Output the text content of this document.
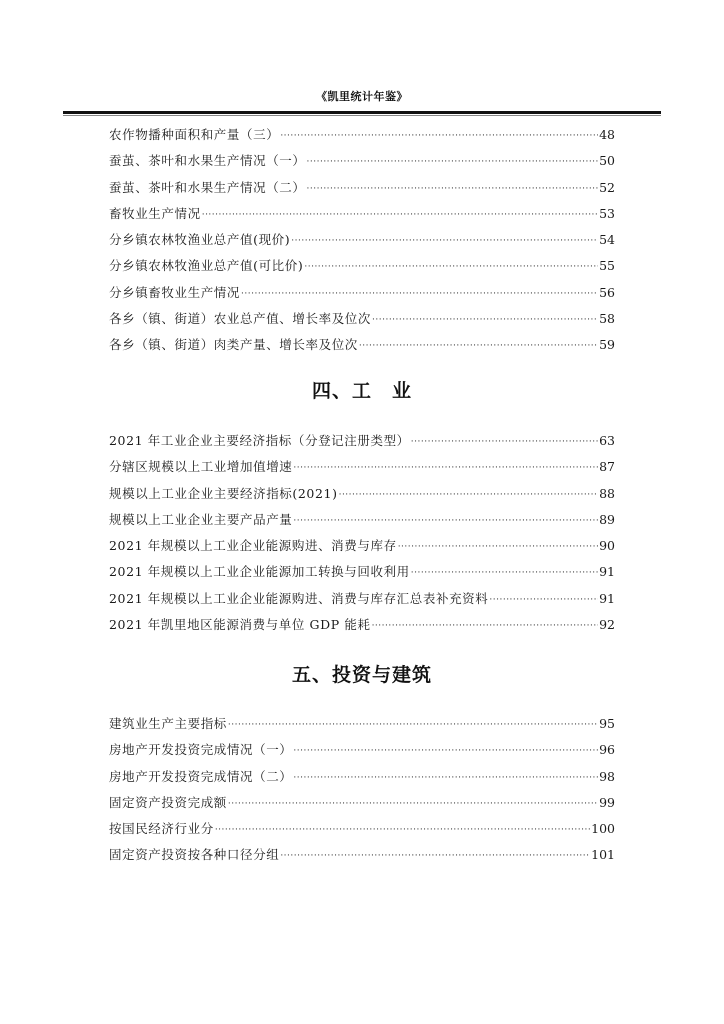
《凯里统计年鉴》
农作物播种面积和产量（三） ·····	48
蚕茧、茶叶和水果生产情况（一） ·····	50
蚕茧、茶叶和水果生产情况（二） ·····	52
畜牧业生产情况 ·····	53
分乡镇农林牧渔业总产值(现价) ·····	54
分乡镇农林牧渔业总产值(可比价) ·····	55
分乡镇畜牧业生产情况 ·····	56
各乡（镇、街道）农业总产值、增长率及位次 ·····	58
各乡（镇、街道）肉类产量、增长率及位次 ·····	59
四、工　业
2021 年工业企业主要经济指标（分登记注册类型） ·····	63
分辖区规模以上工业增加值增速 ·····	87
规模以上工业企业主要经济指标(2021) ·····	88
规模以上工业企业主要产品产量 ·····	89
2021 年规模以上工业企业能源购进、消费与库存 ·····	90
2021 年规模以上工业企业能源加工转换与回收利用 ·····	91
2021 年规模以上工业企业能源购进、消费与库存汇总表补充资料 ·····	91
2021 年凯里地区能源消费与单位 GDP 能耗 ·····	92
五、投资与建筑
建筑业生产主要指标 ·····	95
房地产开发投资完成情况（一） ·····	96
房地产开发投资完成情况（二） ·····	98
固定资产投资完成额 ·····	99
按国民经济行业分 ·····	100
固定资产投资按各种口径分组 ·····	101
